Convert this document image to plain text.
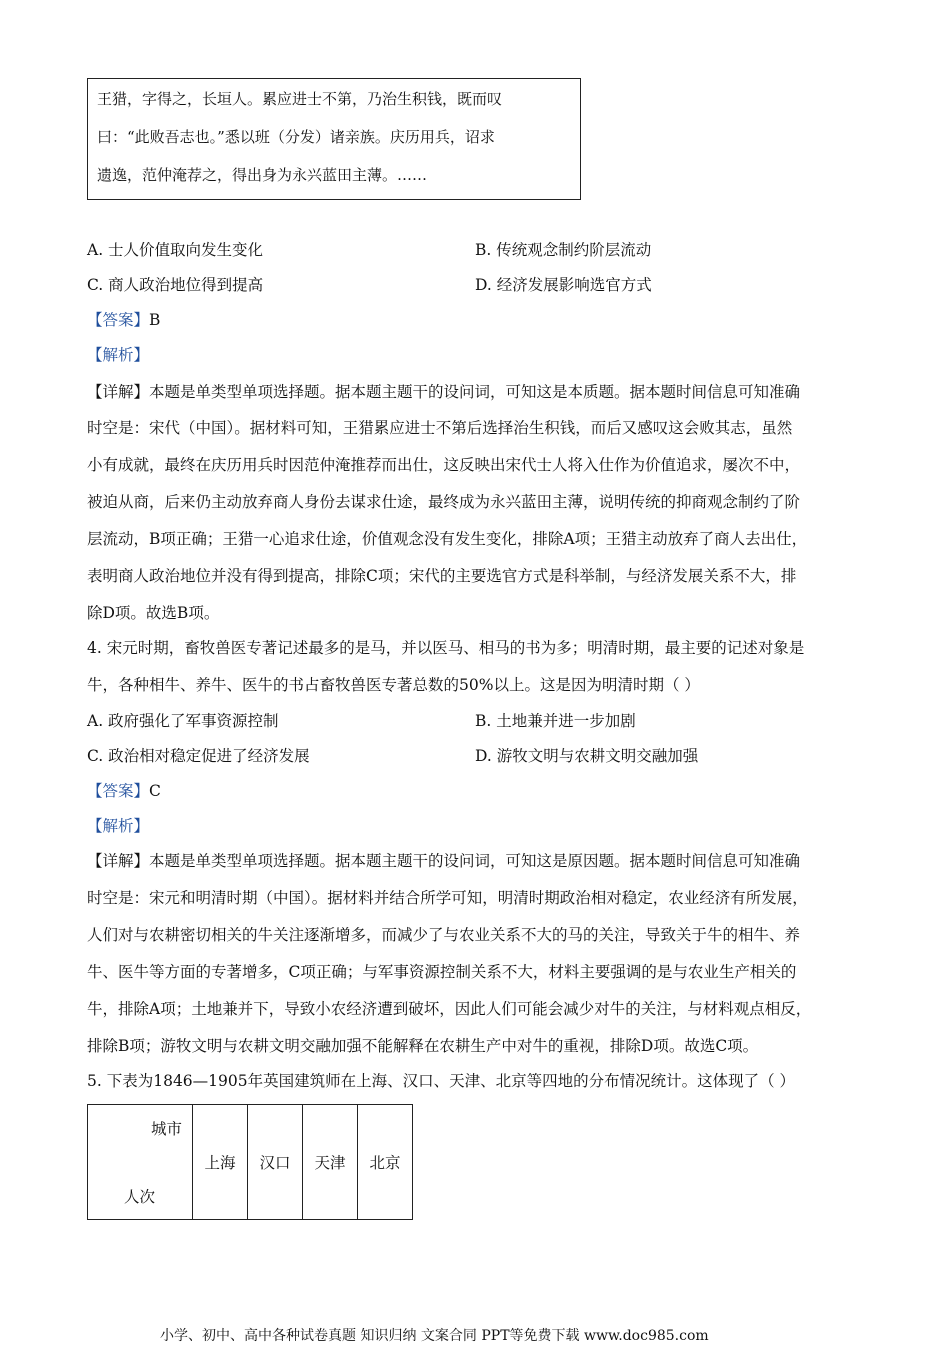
王猎，字得之，长垣人。累应进士不第，乃治生积钱，既而叹
曰：“此败吾志也。”悉以班（分发）诸亲族。庆历用兵，诏求
遗逸，范仲淹荐之，得出身为永兴蓝田主薄。……
A. 士人价值取向发生变化	B. 传统观念制约阶层流动
C. 商人政治地位得到提高	D. 经济发展影响选官方式
【答案】B
【解析】
【详解】本题是单类型单项选择题。据本题主题干的设问词，可知这是本质题。据本题时间信息可知准确
时空是：宋代（中国）。据材料可知，王猎累应进士不第后选择治生积钱，而后又感叹这会败其志，虽然
小有成就，最终在庆历用兵时因范仲淹推荐而出仕，这反映出宋代士人将入仕作为价值追求，屡次不中，
被迫从商，后来仍主动放弃商人身份去谋求仕途，最终成为永兴蓝田主薄，说明传统的抑商观念制约了阶
层流动，B项正确；王猎一心追求仕途，价值观念没有发生变化，排除A项；王猎主动放弃了商人去出仕，
表明商人政治地位并没有得到提高，排除C项；宋代的主要选官方式是科举制，与经济发展关系不大，排
除D项。故选B项。
4. 宋元时期，畜牧兽医专著记述最多的是马，并以医马、相马的书为多；明清时期，最主要的记述对象是
牛，各种相牛、养牛、医牛的书占畜牧兽医专著总数的50%以上。这是因为明清时期（ ）
A. 政府强化了军事资源控制	B. 土地兼并进一步加剧
C. 政治相对稳定促进了经济发展	D. 游牧文明与农耕文明交融加强
【答案】C
【解析】
【详解】本题是单类型单项选择题。据本题主题干的设问词，可知这是原因题。据本题时间信息可知准确
时空是：宋元和明清时期（中国）。据材料并结合所学可知，明清时期政治相对稳定，农业经济有所发展，
人们对与农耕密切相关的牛关注逐渐增多，而减少了与农业关系不大的马的关注，导致关于牛的相牛、养
牛、医牛等方面的专著增多，C项正确；与军事资源控制关系不大，材料主要强调的是与农业生产相关的
牛，排除A项；土地兼并下，导致小农经济遭到破坏，因此人们可能会减少对牛的关注，与材料观点相反，
排除B项；游牧文明与农耕文明交融加强不能解释在农耕生产中对牛的重视，排除D项。故选C项。
5. 下表为1846—1905年英国建筑师在上海、汉口、天津、北京等四地的分布情况统计。这体现了（ ）
城市
人次
	上海	汉口	天津	北京
小学、初中、高中各种试卷真题 知识归纳 文案合同 PPT等免费下载 www.doc985.com
